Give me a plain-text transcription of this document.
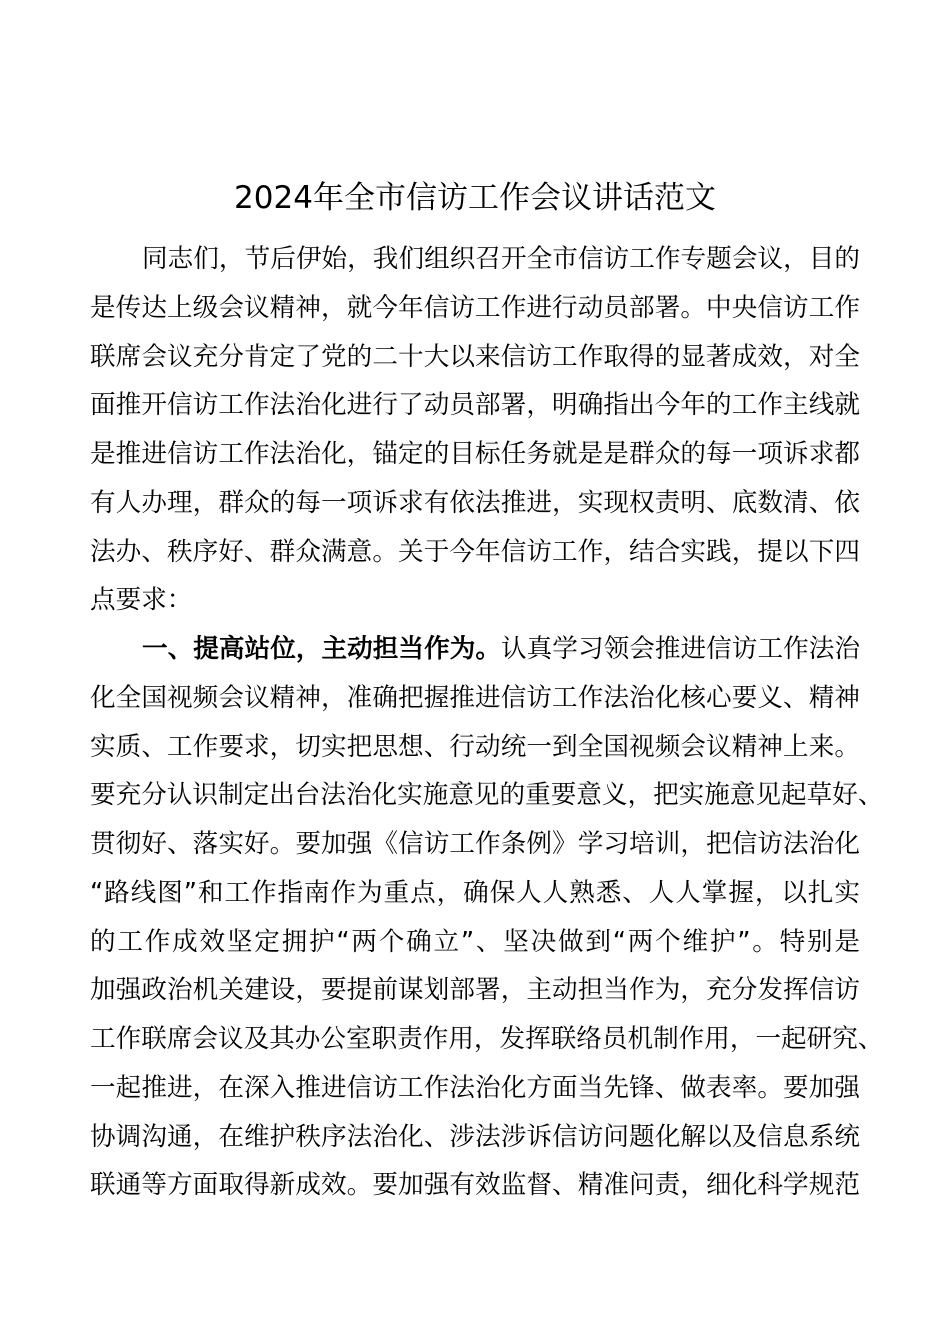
2024年全市信访工作会议讲话范文
同志们，节后伊始，我们组织召开全市信访工作专题会议，目的
是传达上级会议精神，就今年信访工作进行动员部署。中央信访工作
联席会议充分肯定了党的二十大以来信访工作取得的显著成效，对全
面推开信访工作法治化进行了动员部署，明确指出今年的工作主线就
是推进信访工作法治化，锚定的目标任务就是是群众的每一项诉求都
有人办理，群众的每一项诉求有依法推进，实现权责明、底数清、依
法办、秩序好、群众满意。关于今年信访工作，结合实践，提以下四
点要求：
一、提高站位，主动担当作为。认真学习领会推进信访工作法治
化全国视频会议精神，准确把握推进信访工作法治化核心要义、精神
实质、工作要求，切实把思想、行动统一到全国视频会议精神上来。
要充分认识制定出台法治化实施意见的重要意义，把实施意见起草好、
贯彻好、落实好。要加强《信访工作条例》学习培训，把信访法治化
“路线图”和工作指南作为重点，确保人人熟悉、人人掌握，以扎实
的工作成效坚定拥护“两个确立”、坚决做到“两个维护”。特别是
加强政治机关建设，要提前谋划部署，主动担当作为，充分发挥信访
工作联席会议及其办公室职责作用，发挥联络员机制作用，一起研究、
一起推进，在深入推进信访工作法治化方面当先锋、做表率。要加强
协调沟通，在维护秩序法治化、涉法涉诉信访问题化解以及信息系统
联通等方面取得新成效。要加强有效监督、精准问责，细化科学规范
